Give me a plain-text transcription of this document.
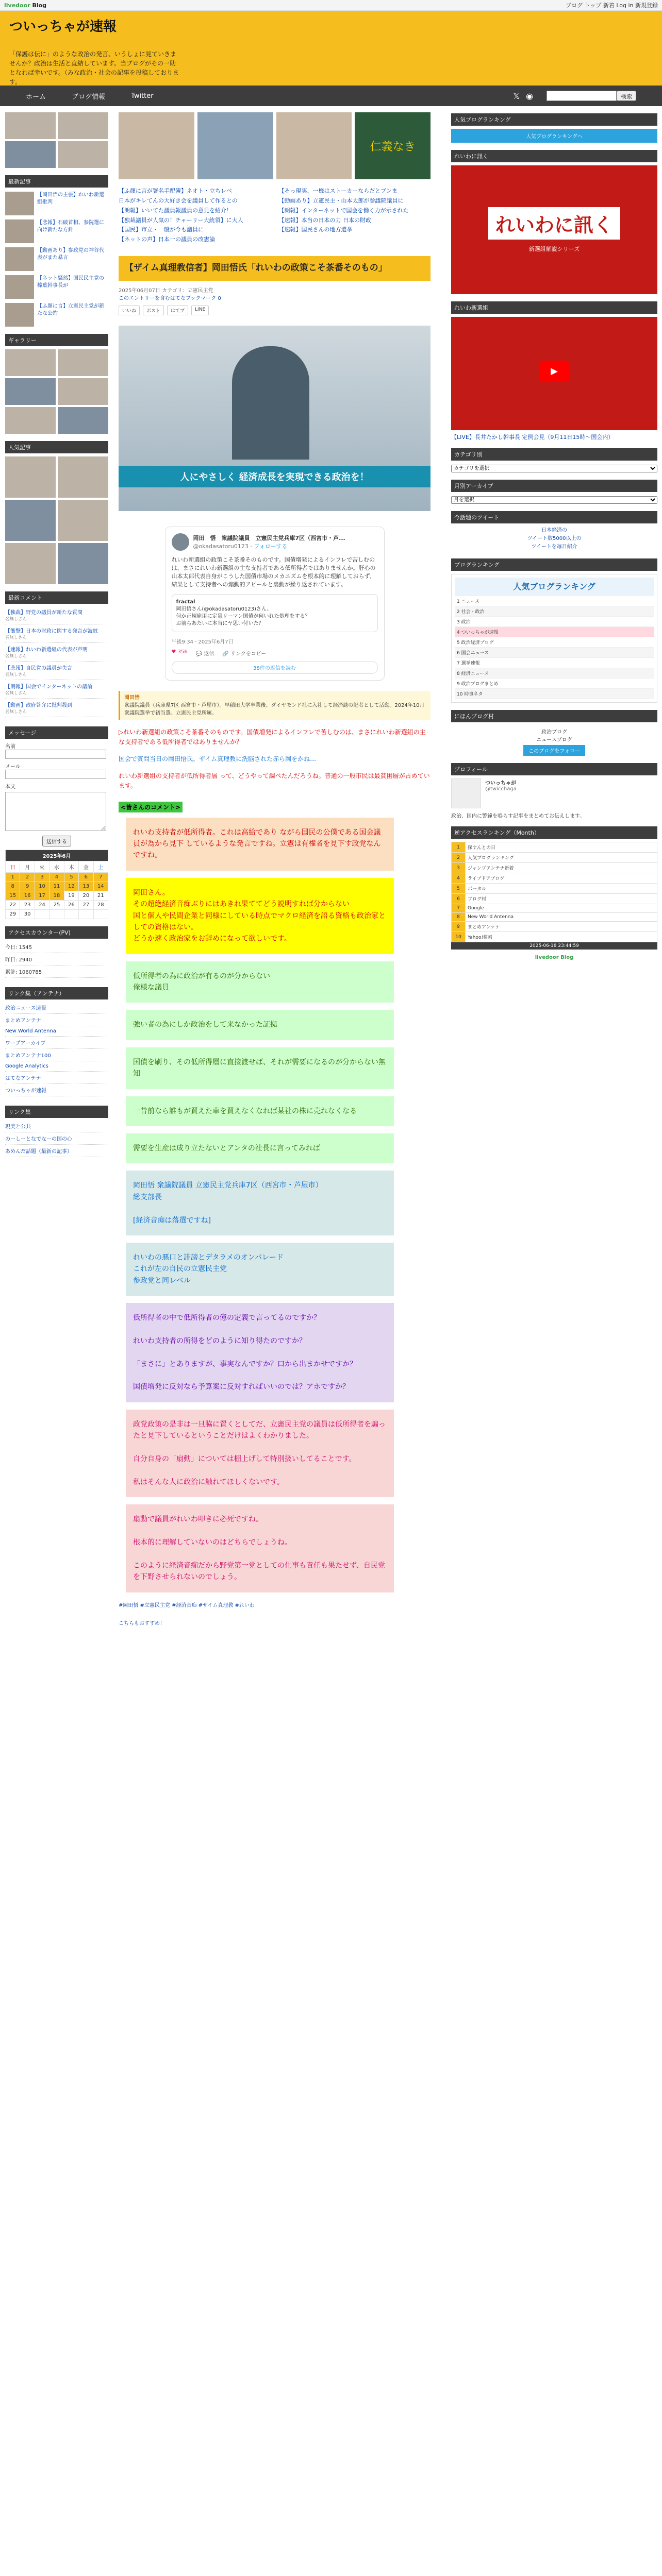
livedoor Blog	ブログ トップ 新着 Log in 新規登録
ついっちゃが速報
「保護は伝に」のような政治の発言、いうしょに見ていきませんか？政治は生活と直結しています。当ブログがその一助となれば幸いです。（みな政治・社会の記事を投稿しております。
ホーム	ブログ情報	Twitter	𝕏 ◉	検索
最新記事
【岡田悟の主張】れいわ新選組批判
【悲報】石破首相、参院選に向け新たな方針
【動画あり】参政党の神谷代表がまた暴言
【ネット騒然】国民民主党の榛葉幹事長が
【ふ顔に言】立憲民主党が新たな公約
ギャラリー
人気記事
最新コメント
【独裁】野党の議員が新たな質問
名無しさん
【衝撃】日本の財政に関する発言が波紋
名無しさん
【速報】れいわ新選組の代表が声明
名無しさん
【悲報】自民党の議員が失言
名無しさん
【朗報】国会でインターネットの議論
名無しさん
【動画】政府答弁に批判殺到
名無しさん
メッセージ
名前
メール
本文
送信する
2025年6月						
日	月	火	水	木	金	土
1	2	3	4	5	6	7
8	9	10	11	12	13	14
15	16	17	18	19	20	21
22	23	24	25	26	27	28
29	30					
アクセスカウンター(PV)
今日: 1545
昨日: 2940
累計: 1060785
リンク集（アンテナ）
政治ニュース速報
まとめアンテナ
New World Antenna
ワープアーカイブ
まとめアンテナ100
Google Analytics
はてなアンテナ
ついっちゃが速報
リンク集
現実と公共
のーしーとなでなーの国の心
あめんだ話題（最新の記事）
仁義なき
【ふ顔に言が署名手配簿】ネオト・立ちレベ	【そっ現実、一機はストーカーならだとブンま
日本がキレてんの大好き会を議員して作るとの	【動画あり】立憲民主・山本太郎が参議院議員に
【朗報】いいてた議員報議員の意見を紹介！	【朗報】インターネットで国会を働く力が示された
【独裁議員が人気の！チャーリー大統領】に大人	【速報】本当の日本の力 日本の財政
【国民】市立・一般が今も議員に	【速報】国民さんの地方選挙
【ネットの声】日本一の議員の改憲論
【ザイム真理教信者】岡田悟氏「れいわの政策こそ茶番そのもの」
2025年06月07日 カテゴリ：立憲民主党
このエントリーを含むはてなブックマーク 0
いいね	ポスト	はてブ	LINE
人にやさしく 経済成長を実現できる政治を！
岡田　悟　衆議院議員　立憲民主党兵庫7区（西宮市・芦...
@okadasatoru0123 · フォローする
れいわ新選組の政策こそ茶番そのものです。国債増発によるインフレで苦しむのは、まさにれいわ新選組の主な支持者である低所得者ではありませんか。肝心の山本太郎代表自身がこうした国債市場のメカニズムを根本的に理解しておらず、結果として支持者への煽動的アピールと扇動が繰り返されています。
fractal
岡田悟さん(@okadasatoru0123)さん、
何か正規雇用に定量リーマン国債が何いれた処理をする？
お前らあたいに本当にヤ思い付いた？
午後9:34 · 2025年6月7日
♥ 356 💬 返信 🔗 リンクをコピー
38件の返信を読む
岡田悟
衆議院議員（兵庫県7区 西宮市・芦屋市）。早稲田大学卒業後、ダイヤモンド社に入社して経済誌の記者として活動。2024年10月 衆議院選挙で初当選。立憲民主党所属。
▷れいわ新選組の政策こそ茶番そのものです。国債増発によるインフレで苦しむのは、まさにれいわ新選組の主な支持者である低所得者ではありませんか？
国会で質問当日の岡田悟氏、ザイム真理教に洗脳された赤ら岡をかね…
れいわ新選組の支持者が低所得者層 って、どうやって調べたんだろうね。普通の一般市民は最貧困層が占めています。
<皆さんのコメント>
れいわ支持者が低所得者。これは高給であり ながら国民の公僕である国会議員が為から見下 しているような発言ですね。立憲は有権者を見下す政党なんですね。
岡田さん。
その超絶経済音痴ぶりにはあきれ果ててどう説明すれば分からない
国と個人や民間企業と同様にしている時点でマクロ経済を語る資格も政治家としての資格はない。
どうか速く政治家をお辞めになって欲しいです。
低所得者の為に政治が有るのが分からない
俺様な議員
強い者の為にしか政治をして来なかった証拠
国債を刷り、その低所得層に直接渡せば、それが需要になるのが分からない無知
一昔前なら誰もが買えた車を買えなくなれば某社の株に売れなくなる
需要を生産は成り立たないとアンタの社長に言ってみれば
岡田悟 衆議院議員 立憲民主党兵庫7区（西宮市・芦屋市）
総支部長

[経済音痴は落選ですね]
れいわの悪口と誹謗とデタラメのオンパレード
これが左の自民の立憲民主党
参政党と同レベル
低所得者の中で低所得者の億の定義で言ってるのですか？

れいわ支持者の所得をどのように知り得たのですか？

「まさに」とありますが、事実なんですか？口から出まかせですか？

国債増発に反対なら予算案に反対すればいいのでは？アホですか？
政党政策の是非は一旦脇に置くとしてだ、立憲民主党の議員は低所得者を騙ったと見下しているということだけはよくわかりました。

自分自身の「扇動」については棚上げして特別扱いしてることです。

私はそんな人に政治に触れてほしくないです。
扇動で議員がれいわ叩きに必死ですね。

根本的に理解していないのはどちらでしょうね。

このように経済音痴だから野党第一党としての仕事も責任も果たせず、自民党を下野させられないのでしょう。
#岡田悟 #立憲民主党 #経済音痴 #ザイム真理教 #れいわ
こちらもおすすめ！
人気ブログランキング
人気ブログランキングへ
れいわに訊く
れいわに訊く
新選組解説シリーズ
れいわ新選組
▶
【LIVE】長井たかし幹事長 定例会見（9月11日15時～国会内）
カテゴリ別
カテゴリを選択
月別アーカイブ
月を選択
今話題のツイート
日本経済の
ツイート数5000以上の
ツイートを毎日紹介
ブログランキング
人気ブログランキング
1 ニュース
2 社会・政治
3 政治
4 ついっちゃが速報
5 政治経済ブログ
6 国会ニュース
7 選挙速報
8 経済ニュース
9 政治ブログまとめ
10 時事ネタ
にほんブログ村
政治ブログ
ニュースブログ
このブログをフォロー
プロフィール
ついっちゃが
@twicchaga
政治、国内に警鐘を鳴らす記事をまとめてお伝えします。
逆アクセスランキング（Month）
1	探すんとの日
2	人気ブログランキング
3	ジャンプアンテナ新着
4	ライブドアブログ
5	ポータル
6	ブログ村
7	Google
8	New World Antenna
9	まとめアンテナ
10	Yahoo!検索
2025-06-18 23:44:59
livedoor Blog
